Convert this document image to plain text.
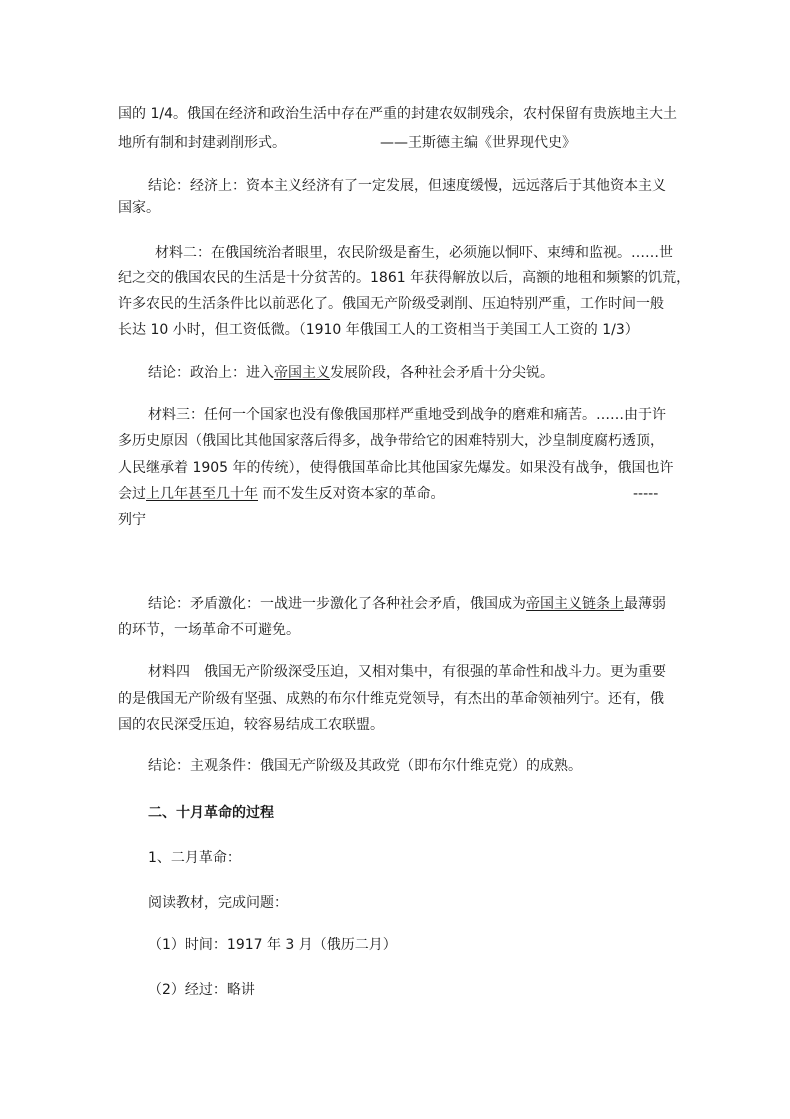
国的 1/4。俄国在经济和政治生活中存在严重的封建农奴制残余，农村保留有贵族地主大土
地所有制和封建剥削形式。	——王斯德主编《世界现代史》
结论：经济上：资本主义经济有了一定发展，但速度缓慢，远远落后于其他资本主义
国家。
材料二：在俄国统治者眼里，农民阶级是畜生，必须施以恫吓、束缚和监视。……世
纪之交的俄国农民的生活是十分贫苦的。1861 年获得解放以后，高额的地租和频繁的饥荒，
许多农民的生活条件比以前恶化了。俄国无产阶级受剥削、压迫特别严重，工作时间一般
长达 10 小时，但工资低微。（1910 年俄国工人的工资相当于美国工人工资的 1/3）
结论：政治上：进入帝国主义发展阶段，各种社会矛盾十分尖锐。
材料三：任何一个国家也没有像俄国那样严重地受到战争的磨难和痛苦。……由于许
多历史原因（俄国比其他国家落后得多，战争带给它的困难特别大，沙皇制度腐朽透顶，
人民继承着 1905 年的传统），使得俄国革命比其他国家先爆发。如果没有战争，俄国也许
会过上几年甚至几十年 而不发生反对资本家的革命。	-----
列宁
结论：矛盾激化：一战进一步激化了各种社会矛盾，俄国成为帝国主义链条上最薄弱
的环节，一场革命不可避免。
材料四　俄国无产阶级深受压迫，又相对集中，有很强的革命性和战斗力。更为重要
的是俄国无产阶级有坚强、成熟的布尔什维克党领导，有杰出的革命领袖列宁。还有，俄
国的农民深受压迫，较容易结成工农联盟。
结论：主观条件：俄国无产阶级及其政党（即布尔什维克党）的成熟。
二、十月革命的过程
1、二月革命：
阅读教材，完成问题：
（1）时间：1917 年 3 月（俄历二月）
（2）经过：略讲
